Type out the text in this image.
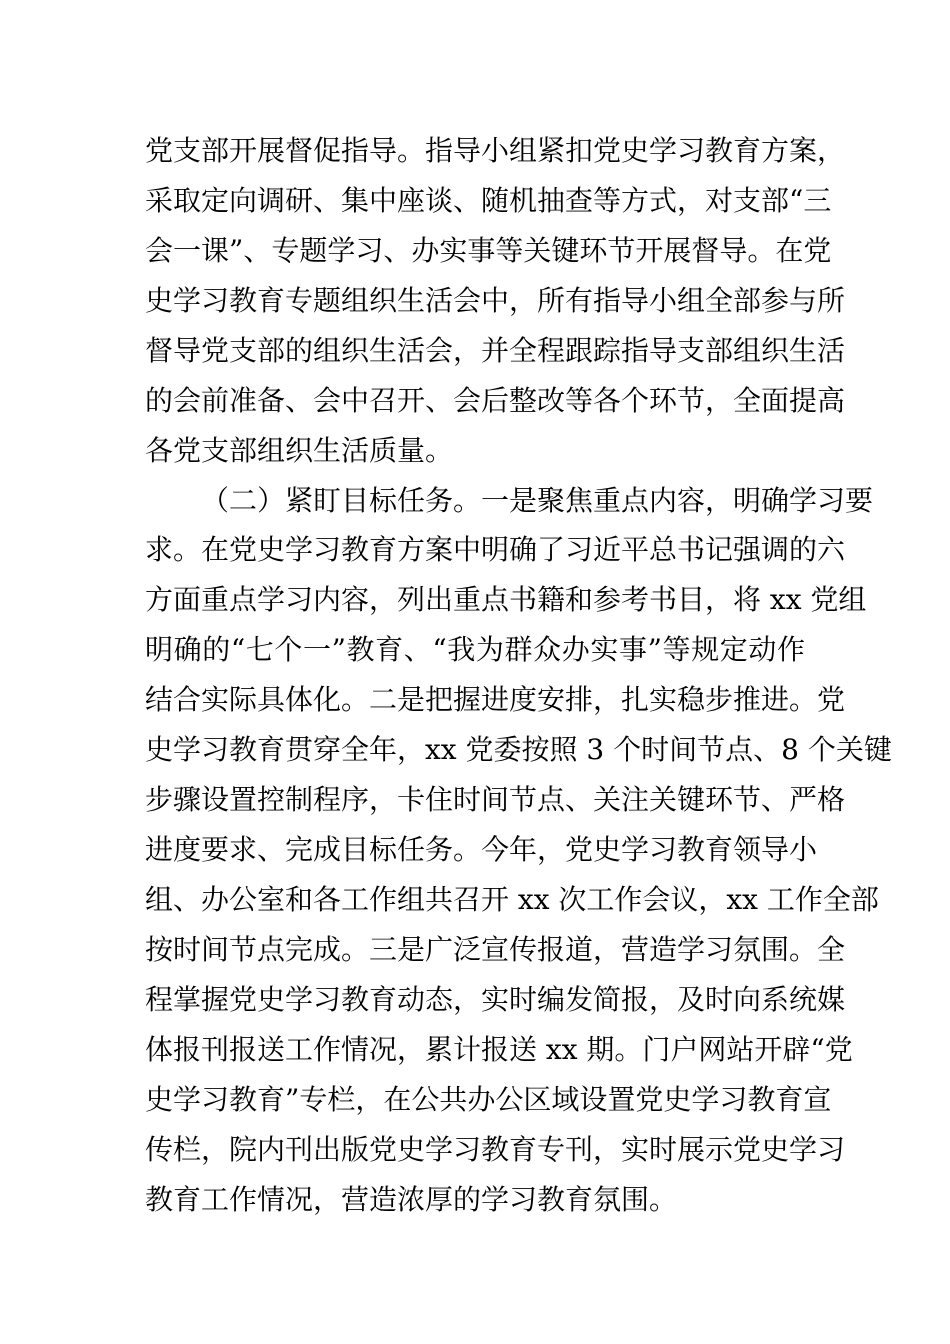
党支部开展督促指导。指导小组紧扣党史学习教育方案，
采取定向调研、集中座谈、随机抽查等方式，对支部“三
会一课”、专题学习、办实事等关键环节开展督导。在党
史学习教育专题组织生活会中，所有指导小组全部参与所
督导党支部的组织生活会，并全程跟踪指导支部组织生活
的会前准备、会中召开、会后整改等各个环节，全面提高
各党支部组织生活质量。
（二）紧盯目标任务。一是聚焦重点内容，明确学习要
求。在党史学习教育方案中明确了习近平总书记强调的六
方面重点学习内容，列出重点书籍和参考书目，将 xx 党组
明确的“七个一”教育、“我为群众办实事”等规定动作
结合实际具体化。二是把握进度安排，扎实稳步推进。党
史学习教育贯穿全年，xx 党委按照 3 个时间节点、8 个关键
步骤设置控制程序，卡住时间节点、关注关键环节、严格
进度要求、完成目标任务。今年，党史学习教育领导小
组、办公室和各工作组共召开 xx 次工作会议，xx 工作全部
按时间节点完成。三是广泛宣传报道，营造学习氛围。全
程掌握党史学习教育动态，实时编发简报，及时向系统媒
体报刊报送工作情况，累计报送 xx 期。门户网站开辟“党
史学习教育”专栏，在公共办公区域设置党史学习教育宣
传栏，院内刊出版党史学习教育专刊，实时展示党史学习
教育工作情况，营造浓厚的学习教育氛围。
